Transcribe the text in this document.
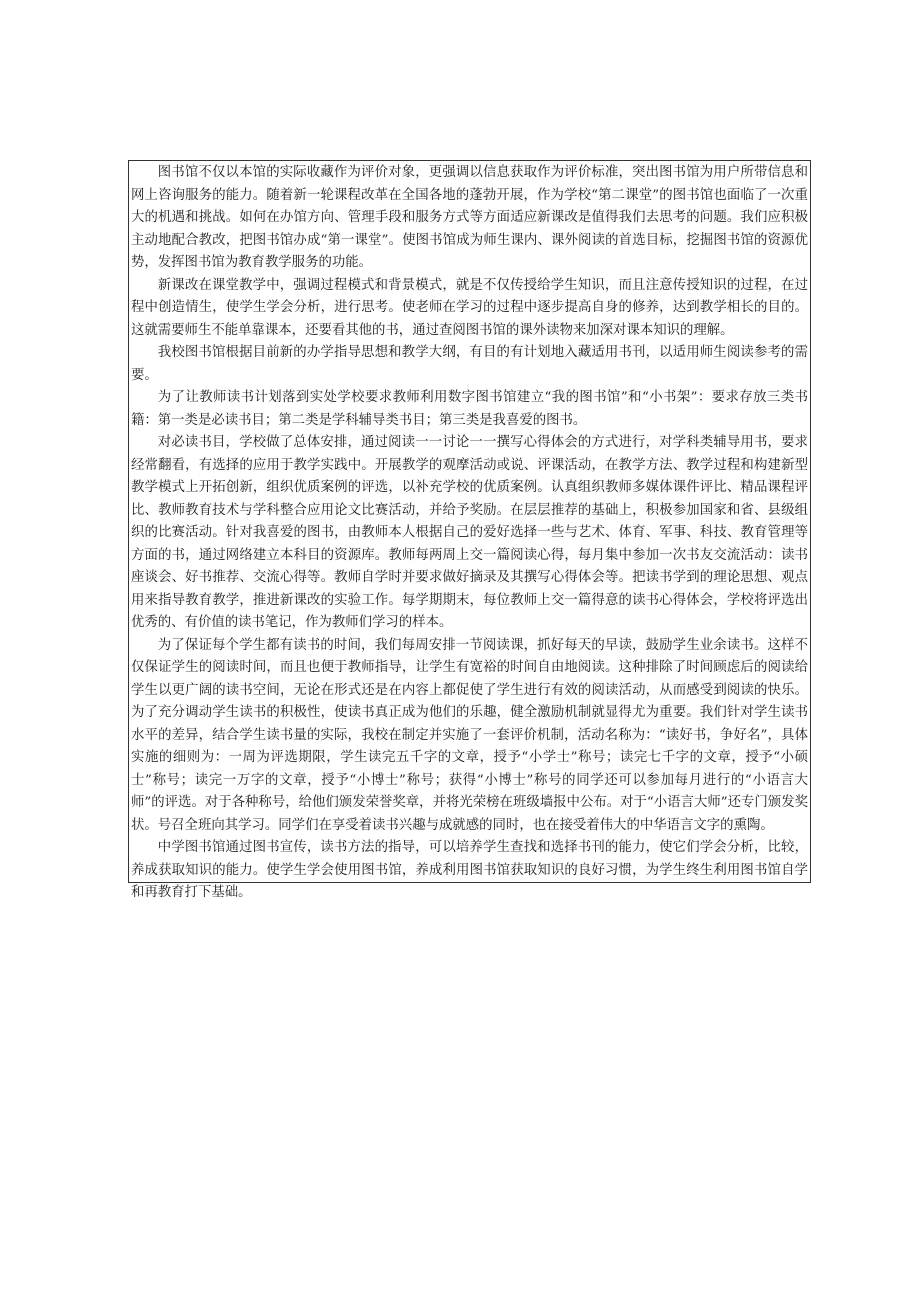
图书馆不仅以本馆的实际收藏作为评价对象，更强调以信息获取作为评价标准，突出图书馆为用户所带信息和网上咨询服务的能力。随着新一轮课程改革在全国各地的蓬勃开展，作为学校“第二课堂”的图书馆也面临了一次重大的机遇和挑战。如何在办馆方向、管理手段和服务方式等方面适应新课改是值得我们去思考的问题。我们应积极主动地配合教改，把图书馆办成“第一课堂”。使图书馆成为师生课内、课外阅读的首选目标，挖掘图书馆的资源优势，发挥图书馆为教育教学服务的功能。

新课改在课堂教学中，强调过程模式和背景模式，就是不仅传授给学生知识，而且注意传授知识的过程，在过程中创造情生，使学生学会分析，进行思考。使老师在学习的过程中逐步提高自身的修养，达到教学相长的目的。这就需要师生不能单靠课本，还要看其他的书，通过查阅图书馆的课外读物来加深对课本知识的理解。

我校图书馆根据目前新的办学指导思想和教学大纲，有目的有计划地入藏适用书刊，以适用师生阅读参考的需要。

为了让教师读书计划落到实处学校要求教师利用数字图书馆建立“我的图书馆”和“小书架”：要求存放三类书籍：第一类是必读书目；第二类是学科辅导类书目；第三类是我喜爱的图书。

对必读书目，学校做了总体安排，通过阅读一一讨论一一撰写心得体会的方式进行，对学科类辅导用书，要求经常翻看，有选择的应用于教学实践中。开展教学的观摩活动或说、评课活动，在教学方法、教学过程和构建新型教学模式上开拓创新，组织优质案例的评选，以补充学校的优质案例。认真组织教师多媒体课件评比、精品课程评比、教师教育技术与学科整合应用论文比赛活动，并给予奖励。在层层推荐的基础上，积极参加国家和省、县级组织的比赛活动。针对我喜爱的图书，由教师本人根据自己的爱好选择一些与艺术、体育、军事、科技、教育管理等方面的书，通过网络建立本科目的资源库。教师每两周上交一篇阅读心得，每月集中参加一次书友交流活动：读书座谈会、好书推荐、交流心得等。教师自学时并要求做好摘录及其撰写心得体会等。把读书学到的理论思想、观点用来指导教育教学，推进新课改的实验工作。每学期期末，每位教师上交一篇得意的读书心得体会，学校将评选出优秀的、有价值的读书笔记，作为教师们学习的样本。

为了保证每个学生都有读书的时间，我们每周安排一节阅读课，抓好每天的早读，鼓励学生业余读书。这样不仅保证学生的阅读时间，而且也便于教师指导，让学生有宽裕的时间自由地阅读。这种排除了时间顾虑后的阅读给学生以更广阔的读书空间，无论在形式还是在内容上都促使了学生进行有效的阅读活动，从而感受到阅读的快乐。为了充分调动学生读书的积极性，使读书真正成为他们的乐趣，健全激励机制就显得尤为重要。我们针对学生读书水平的差异，结合学生读书量的实际，我校在制定并实施了一套评价机制，活动名称为：“读好书，争好名”，具体实施的细则为：一周为评选期限，学生读完五千字的文章，授予“小学士”称号；读完七千字的文章，授予“小硕士”称号；读完一万字的文章，授予“小博士”称号；获得“小博士”称号的同学还可以参加每月进行的“小语言大师”的评选。对于各种称号，给他们颁发荣誉奖章，并将光荣榜在班级墙报中公布。对于“小语言大师”还专门颁发奖状。号召全班向其学习。同学们在享受着读书兴趣与成就感的同时，也在接受着伟大的中华语言文字的熏陶。

中学图书馆通过图书宣传，读书方法的指导，可以培养学生查找和选择书刊的能力，使它们学会分析，比较，养成获取知识的能力。使学生学会使用图书馆，养成利用图书馆获取知识的良好习惯，为学生终生利用图书馆自学和再教育打下基础。
